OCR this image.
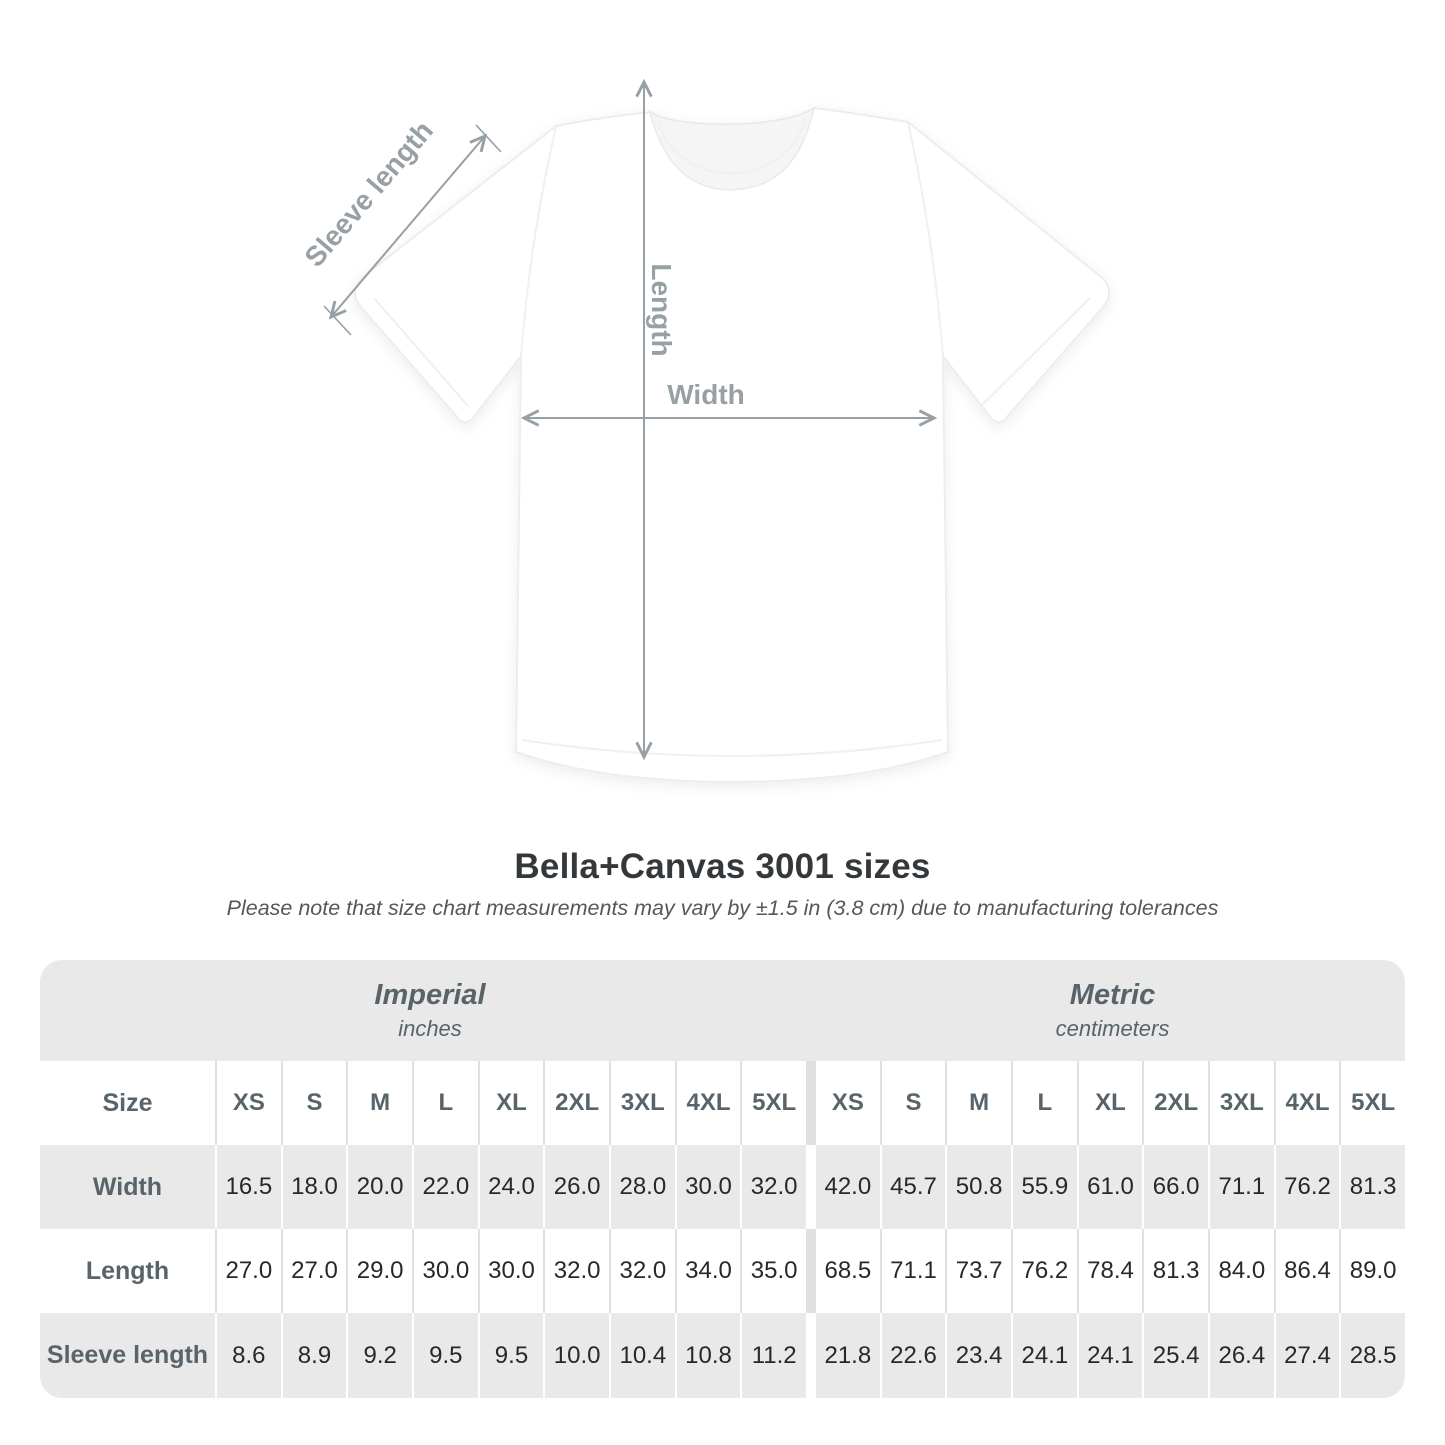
Length
Width
Sleeve length
Bella+Canvas 3001 sizes
Please note that size chart measurements may vary by ±1.5 in (3.8 cm) due to manufacturing tolerances
Imperial
inches
Metric
centimeters
Size	XS	S	M	L	XL	2XL 3XL 4XL 5XL	XS	S	M	L	XL	2XL 3XL 4XL 5XL
Width	16.5 18.0 20.0 22.0 24.0 26.0 28.0 30.0 32.0	42.0 45.7 50.8 55.9 61.0 66.0 71.1 76.2 81.3
Length	27.0 27.0 29.0 30.0 30.0 32.0 32.0 34.0 35.0	68.5 71.1 73.7 76.2 78.4 81.3 84.0 86.4 89.0
Sleeve length	8.6	8.9	9.2	9.5	9.5	10.0 10.4 10.8 11.2	21.8 22.6 23.4 24.1 24.1 25.4 26.4 27.4 28.5
